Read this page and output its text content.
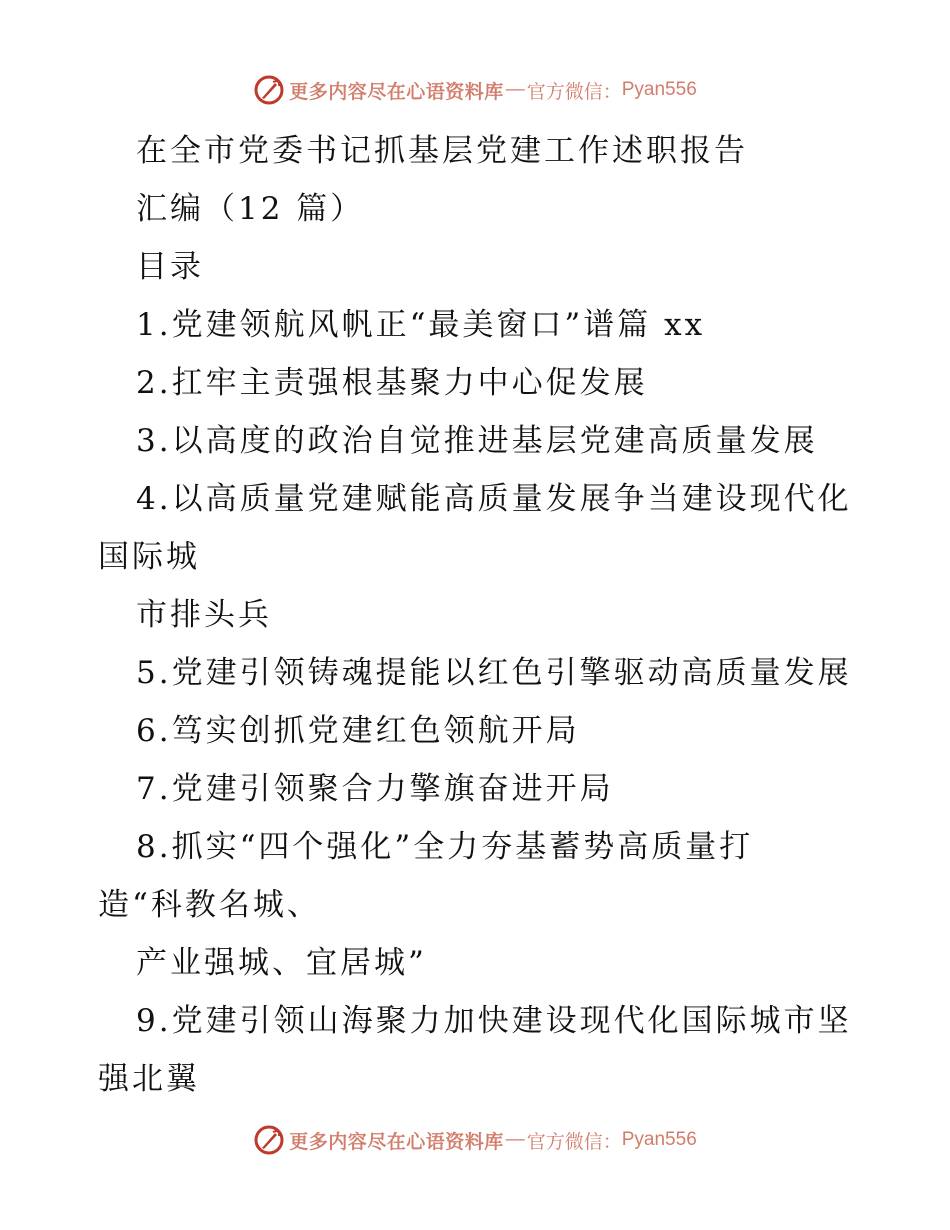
更多内容尽在心语资料库 — 官方微信： Pyan556
在全市党委书记抓基层党建工作述职报告
汇编（12 篇）
目录
1.党建领航风帆正“最美窗口”谱篇 xx
2.扛牢主责强根基聚力中心促发展
3.以高度的政治自觉推进基层党建高质量发展
4.以高质量党建赋能高质量发展争当建设现代化
国际城
市排头兵
5.党建引领铸魂提能以红色引擎驱动高质量发展
6.笃实创抓党建红色领航开局
7.党建引领聚合力擎旗奋进开局
8.抓实“四个强化”全力夯基蓄势高质量打
造“科教名城、
产业强城、宜居城”
9.党建引领山海聚力加快建设现代化国际城市坚
强北翼
更多内容尽在心语资料库 — 官方微信： Pyan556
